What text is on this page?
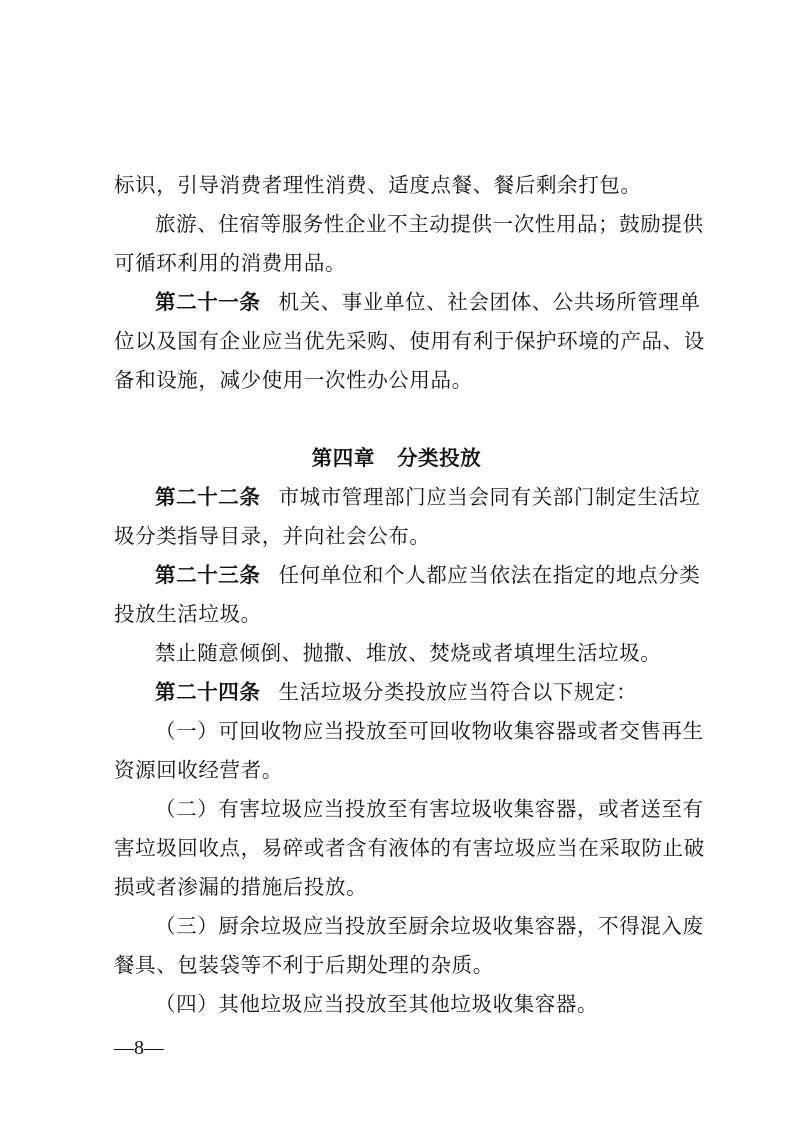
标识，引导消费者理性消费、适度点餐、餐后剩余打包。
旅游、住宿等服务性企业不主动提供一次性用品；鼓励提供
可循环利用的消费用品。
第二十一条 机关、事业单位、社会团体、公共场所管理单
位以及国有企业应当优先采购、使用有利于保护环境的产品、设
备和设施，减少使用一次性办公用品。
第四章 分类投放
第二十二条 市城市管理部门应当会同有关部门制定生活垃
圾分类指导目录，并向社会公布。
第二十三条 任何单位和个人都应当依法在指定的地点分类
投放生活垃圾。
禁止随意倾倒、抛撒、堆放、焚烧或者填埋生活垃圾。
第二十四条 生活垃圾分类投放应当符合以下规定：
（一）可回收物应当投放至可回收物收集容器或者交售再生
资源回收经营者。
（二）有害垃圾应当投放至有害垃圾收集容器，或者送至有
害垃圾回收点，易碎或者含有液体的有害垃圾应当在采取防止破
损或者渗漏的措施后投放。
（三）厨余垃圾应当投放至厨余垃圾收集容器，不得混入废
餐具、包装袋等不利于后期处理的杂质。
（四）其他垃圾应当投放至其他垃圾收集容器。
—8—
